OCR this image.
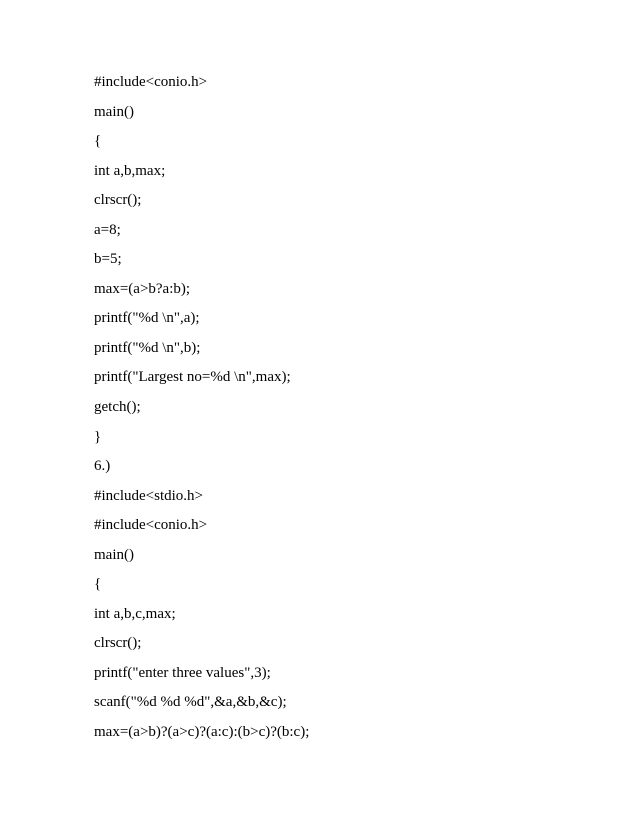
#include<conio.h>
main()
{
int a,b,max;
clrscr();
a=8;
b=5;
max=(a>b?a:b);
printf("%d \n",a);
printf("%d \n",b);
printf("Largest no=%d \n",max);
getch();
}
6.)
#include<stdio.h>
#include<conio.h>
main()
{
int a,b,c,max;
clrscr();
printf("enter three values",3);
scanf("%d %d %d",&a,&b,&c);
max=(a>b)?(a>c)?(a:c):(b>c)?(b:c);
